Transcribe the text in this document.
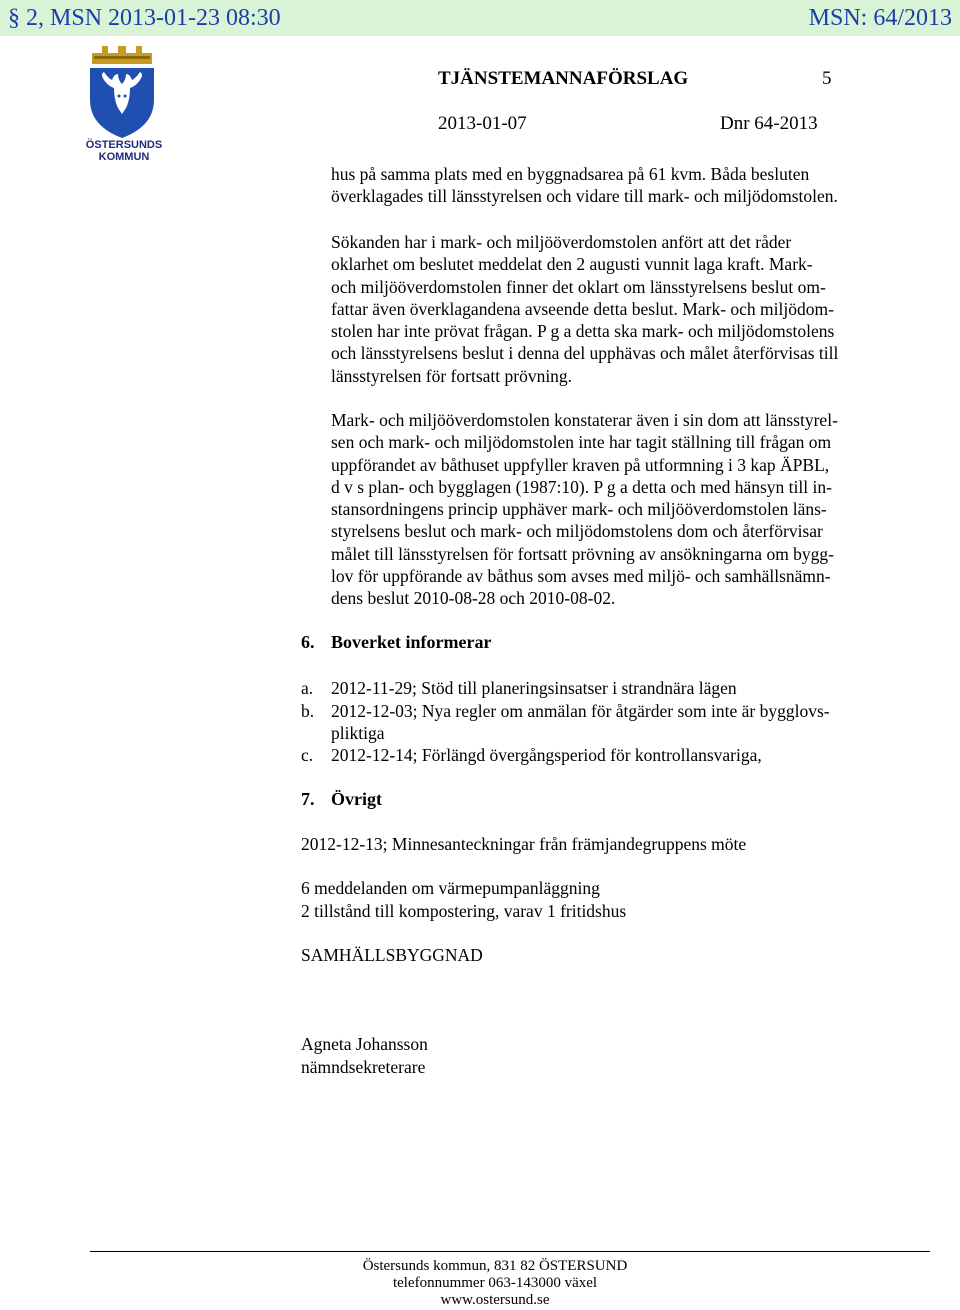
§ 2, MSN 2013-01-23 08:30	MSN: 64/2013
ÖSTERSUNDS
KOMMUN
TJÄNSTEMANNAFÖRSLAG	5
2013-01-07	Dnr 64-2013
hus på samma plats med en byggnadsarea på 61 kvm. Båda besluten
överklagades till länsstyrelsen och vidare till mark- och miljödomstolen.
Sökanden har i mark- och miljööverdomstolen anfört att det råder
oklarhet om beslutet meddelat den 2 augusti vunnit laga kraft. Mark-
och miljööverdomstolen finner det oklart om länsstyrelsens beslut om-
fattar även överklagandena avseende detta beslut. Mark- och miljödom-
stolen har inte prövat frågan. P g a detta ska mark- och miljödomstolens
och länsstyrelsens beslut i denna del upphävas och målet återförvisas till
länsstyrelsen för fortsatt prövning.
Mark- och miljööverdomstolen konstaterar även i sin dom att länsstyrel-
sen och mark- och miljödomstolen inte har tagit ställning till frågan om
uppförandet av båthuset uppfyller kraven på utformning i 3 kap ÄPBL,
d v s plan- och bygglagen (1987:10). P g a detta och med hänsyn till in-
stansordningens princip upphäver mark- och miljööverdomstolen läns-
styrelsens beslut och mark- och miljödomstolens dom och återförvisar
målet till länsstyrelsen för fortsatt prövning av ansökningarna om bygg-
lov för uppförande av båthus som avses med miljö- och samhällsnämn-
dens beslut 2010-08-28 och 2010-08-02.
6. Boverket informerar
a. 2012-11-29; Stöd till planeringsinsatser i strandnära lägen
b. 2012-12-03; Nya regler om anmälan för åtgärder som inte är bygglovs-
pliktiga
c. 2012-12-14; Förlängd övergångsperiod för kontrollansvariga,
7. Övrigt
2012-12-13; Minnesanteckningar från främjandegruppens möte
6 meddelanden om värmepumpanläggning
2 tillstånd till kompostering, varav 1 fritidshus
SAMHÄLLSBYGGNAD
Agneta Johansson
nämndsekreterare
Östersunds kommun, 831 82 ÖSTERSUND
telefonnummer 063-143000 växel
www.ostersund.se
